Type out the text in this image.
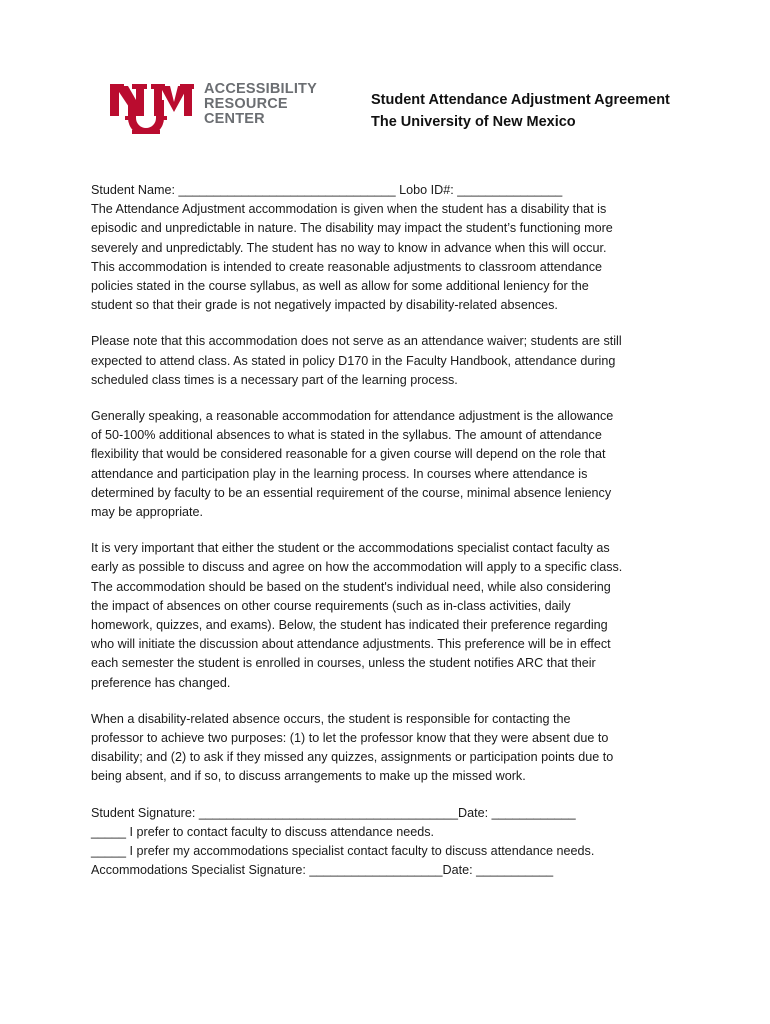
ACCESSIBILITY
RESOURCE
CENTER
Student Attendance Adjustment Agreement
The University of New Mexico

Student Name: _______________________________ Lobo ID#: _______________

The Attendance Adjustment accommodation is given when the student has a disability that is
episodic and unpredictable in nature. The disability may impact the student’s functioning more
severely and unpredictably. The student has no way to know in advance when this will occur.
This accommodation is intended to create reasonable adjustments to classroom attendance
policies stated in the course syllabus, as well as allow for some additional leniency for the
student so that their grade is not negatively impacted by disability-related absences.
Please note that this accommodation does not serve as an attendance waiver; students are still
expected to attend class. As stated in policy D170 in the Faculty Handbook, attendance during
scheduled class times is a necessary part of the learning process.
Generally speaking, a reasonable accommodation for attendance adjustment is the allowance
of 50-100% additional absences to what is stated in the syllabus. The amount of attendance
flexibility that would be considered reasonable for a given course will depend on the role that
attendance and participation play in the learning process. In courses where attendance is
determined by faculty to be an essential requirement of the course, minimal absence leniency
may be appropriate.
It is very important that either the student or the accommodations specialist contact faculty as
early as possible to discuss and agree on how the accommodation will apply to a specific class.
The accommodation should be based on the student's individual need, while also considering
the impact of absences on other course requirements (such as in-class activities, daily
homework, quizzes, and exams). Below, the student has indicated their preference regarding
who will initiate the discussion about attendance adjustments. This preference will be in effect
each semester the student is enrolled in courses, unless the student notifies ARC that their
preference has changed.
When a disability-related absence occurs, the student is responsible for contacting the
professor to achieve two purposes: (1) to let the professor know that they were absent due to
disability; and (2) to ask if they missed any quizzes, assignments or participation points due to
being absent, and if so, to discuss arrangements to make up the missed work.

Student Signature: _____________________________________Date: ____________

_____ I prefer to contact faculty to discuss attendance needs.

_____ I prefer my accommodations specialist contact faculty to discuss attendance needs.

Accommodations Specialist Signature: ___________________Date: ___________
